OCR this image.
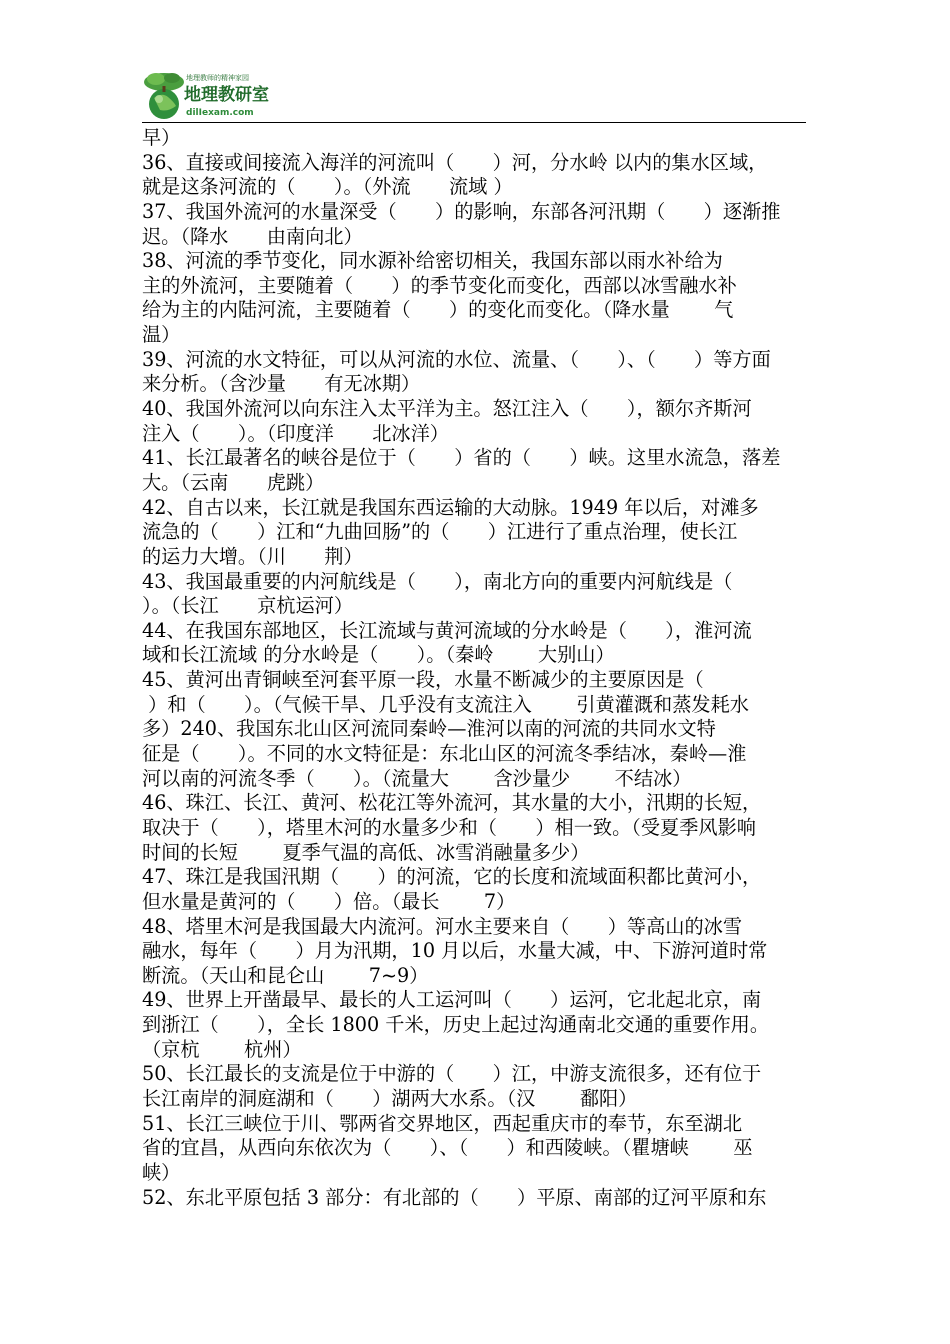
地理教师的精神家园
地理教研室
dilIexam.com
早）
36、直接或间接流入海洋的河流叫（　　）河，分水岭 以内的集水区域，
就是这条河流的（　　）。（外流　　流域 ）
37、我国外流河的水量深受（　　）的影响，东部各河汛期（　　）逐渐推
迟。（降水　　由南向北）
38、河流的季节变化，同水源补给密切相关，我国东部以雨水补给为
主的外流河，主要随着（　　）的季节变化而变化，西部以冰雪融水补
给为主的内陆河流，主要随着（　　）的变化而变化。（降水量　　 气
温）
39、河流的水文特征，可以从河流的水位、流量、（　　）、（　　）等方面
来分析。（含沙量　　有无冰期）
40、我国外流河以向东注入太平洋为主。怒江注入（　　），额尔齐斯河
注入（　　）。（印度洋　　北冰洋）
41、长江最著名的峡谷是位于（　　）省的（　　）峡。这里水流急，落差
大。（云南　　虎跳）
42、自古以来，长江就是我国东西运输的大动脉。1949 年以后，对滩多
流急的（　　）江和“九曲回肠”的（　　）江进行了重点治理，使长江
的运力大增。（川　　荆）
43、我国最重要的内河航线是（　　），南北方向的重要内河航线是（
）。（长江　　京杭运河）
44、在我国东部地区，长江流域与黄河流域的分水岭是（　　），淮河流
域和长江流域 的分水岭是（　　）。（秦岭　　 大别山）
45、黄河出青铜峡至河套平原一段，水量不断减少的主要原因是（
）和（　　）。（气候干旱、几乎没有支流注入　　 引黄灌溉和蒸发耗水
多）240、我国东北山区河流同秦岭—淮河以南的河流的共同水文特
征是（　　）。不同的水文特征是：东北山区的河流冬季结冰，秦岭—淮
河以南的河流冬季（　　）。（流量大　　 含沙量少　　 不结冰）
46、珠江、长江、黄河、松花江等外流河，其水量的大小，汛期的长短，
取决于（　　），塔里木河的水量多少和（　　）相一致。（受夏季风影响
时间的长短　　 夏季气温的高低、冰雪消融量多少）
47、珠江是我国汛期（　　）的河流，它的长度和流域面积都比黄河小，
但水量是黄河的（　　）倍。（最长　　 7）
48、塔里木河是我国最大内流河。河水主要来自（　　）等高山的冰雪
融水，每年（　　）月为汛期，10 月以后，水量大减，中、下游河道时常
断流。（天山和昆仑山　　 7~9）
49、世界上开凿最早、最长的人工运河叫（　　）运河，它北起北京，南
到浙江（　　），全长 1800 千米，历史上起过沟通南北交通的重要作用。
（京杭　　 杭州）
50、长江最长的支流是位于中游的（　　）江，中游支流很多，还有位于
长江南岸的洞庭湖和（　　）湖两大水系。（汉　　 鄱阳）
51、长江三峡位于川、鄂两省交界地区，西起重庆市的奉节，东至湖北
省的宜昌，从西向东依次为（　　）、（　　）和西陵峡。（瞿塘峡　　 巫
峡）
52、东北平原包括 3 部分：有北部的（　　）平原、南部的辽河平原和东
